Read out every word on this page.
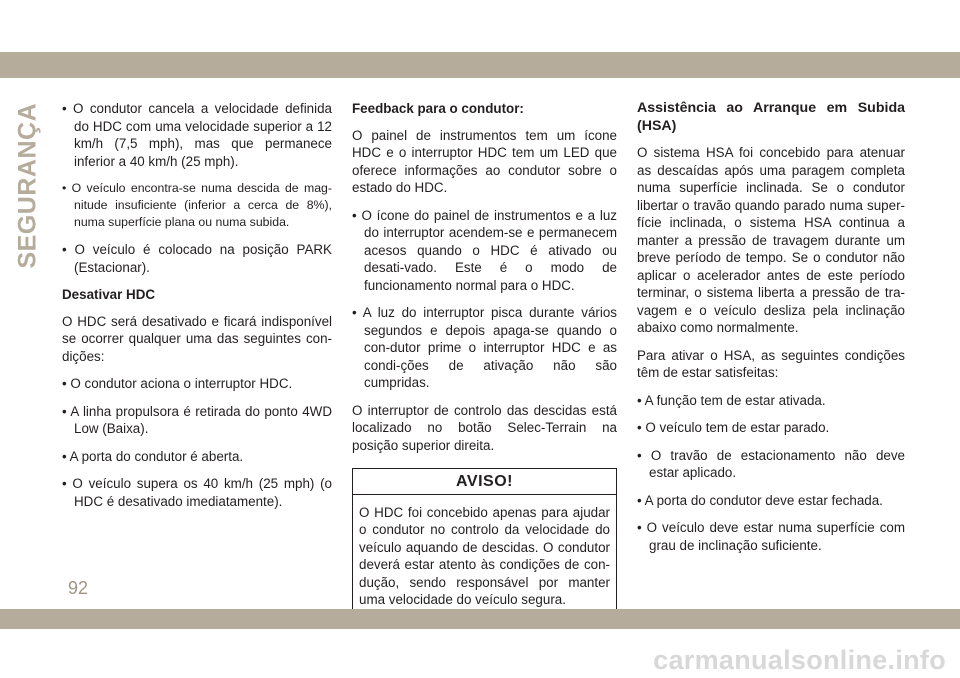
SEGURANÇA • O condutor cancela a velocidade definida do HDC com uma velocidade superior a 12 km/h (7,5 mph), mas que permanece inferior a 40 km/h (25 mph).

• O veículo encontra-se numa descida de mag-nitude insuficiente (inferior a cerca de 8%), numa superfície plana ou numa subida.

• O veículo é colocado na posição PARK (Estacionar).

Desativar HDC

O HDC será desativado e ficará indisponível se ocorrer qualquer uma das seguintes con-dições:

• O condutor aciona o interruptor HDC.

• A linha propulsora é retirada do ponto 4WD Low (Baixa).

• A porta do condutor é aberta.

• O veículo supera os 40 km/h (25 mph) (o HDC é desativado imediatamente).

Feedback para o condutor:

O painel de instrumentos tem um ícone HDC e o interruptor HDC tem um LED que oferece informações ao condutor sobre o estado do HDC.

• O ícone do painel de instrumentos e a luz do interruptor acendem-se e permanecem acesos quando o HDC é ativado ou desati-vado. Este é o modo de funcionamento normal para o HDC.

• A luz do interruptor pisca durante vários segundos e depois apaga-se quando o con-dutor prime o interruptor HDC e as condi-ções de ativação não são cumpridas.

O interruptor de controlo das descidas está localizado no botão Selec-Terrain na posição superior direita.

AVISO!
O HDC foi concebido apenas para ajudar o condutor no controlo da velocidade do veículo aquando de descidas. O condutor deverá estar atento às condições de con-dução, sendo responsável por manter uma velocidade do veículo segura.

Assistência ao Arranque em Subida (HSA)

O sistema HSA foi concebido para atenuar as descaídas após uma paragem completa numa superfície inclinada. Se o condutor libertar o travão quando parado numa super-fície inclinada, o sistema HSA continua a manter a pressão de travagem durante um breve período de tempo. Se o condutor não aplicar o acelerador antes de este período terminar, o sistema liberta a pressão de tra-vagem e o veículo desliza pela inclinação abaixo como normalmente.

Para ativar o HSA, as seguintes condições têm de estar satisfeitas:

• A função tem de estar ativada.

• O veículo tem de estar parado.

• O travão de estacionamento não deve estar aplicado.

• A porta do condutor deve estar fechada.

• O veículo deve estar numa superfície com grau de inclinação suficiente.

92
carmanualsonline.info
